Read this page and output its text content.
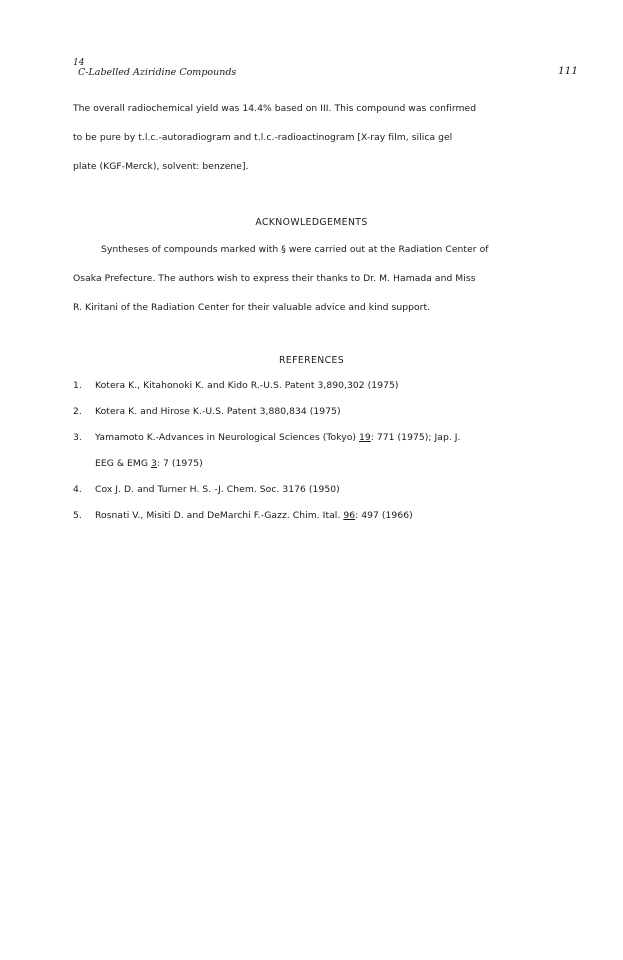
14
C-Labelled Aziridine Compounds	111
The overall radiochemical yield was 14.4% based on III. This compound was confirmed
to be pure by t.l.c.-autoradiogram and t.l.c.-radioactinogram [X-ray film, silica gel
plate (KGF-Merck), solvent: benzene].
ACKNOWLEDGEMENTS
Syntheses of compounds marked with § were carried out at the Radiation Center of
Osaka Prefecture. The authors wish to express their thanks to Dr. M. Hamada and Miss
R. Kiritani of the Radiation Center for their valuable advice and kind support.
REFERENCES
1.	Kotera K., Kitahonoki K. and Kido R.-U.S. Patent 3,890,302 (1975)
2.	Kotera K. and Hirose K.-U.S. Patent 3,880,834 (1975)
3.	Yamamoto K.-Advances in Neurological Sciences (Tokyo) 19: 771 (1975); Jap. J.
EEG & EMG 3: 7 (1975)
4.	Cox J. D. and Turner H. S. -J. Chem. Soc. 3176 (1950)
5.	Rosnati V., Misiti D. and DeMarchi F.-Gazz. Chim. Ital. 96: 497 (1966)
